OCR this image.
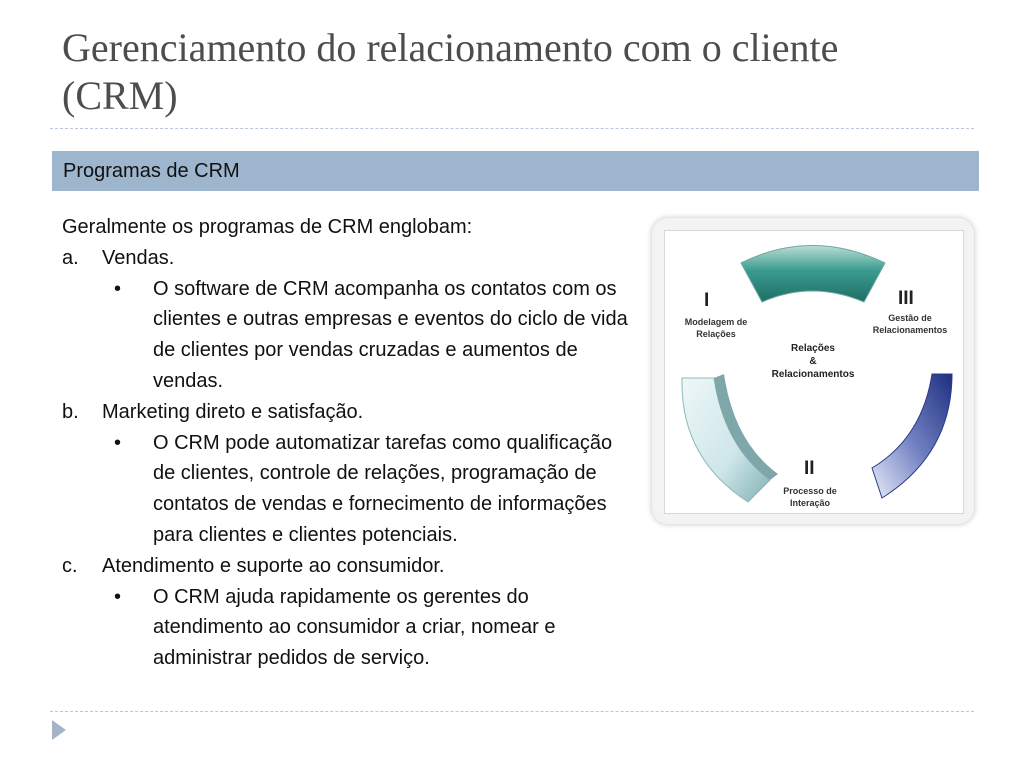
Gerenciamento do relacionamento com o cliente (CRM)
Programas de CRM

Geralmente os programas de CRM englobam:

a. Vendas.
• O software de CRM acompanha os contatos com os clientes e outras empresas e eventos do ciclo de vida de clientes por vendas cruzadas e aumentos de vendas.
b. Marketing direto e satisfação.
• O CRM pode automatizar tarefas como qualificação de clientes, controle de relações, programação de contatos de vendas e fornecimento de informações para clientes e clientes potenciais.
c. Atendimento e suporte ao consumidor.
• O CRM ajuda rapidamente os gerentes do atendimento ao consumidor a criar, nomear e administrar pedidos de serviço.
I
Modelagem de
Relações
III
Gestão de
Relacionamentos
Relações
&
Relacionamentos
II
Processo de
Interação
